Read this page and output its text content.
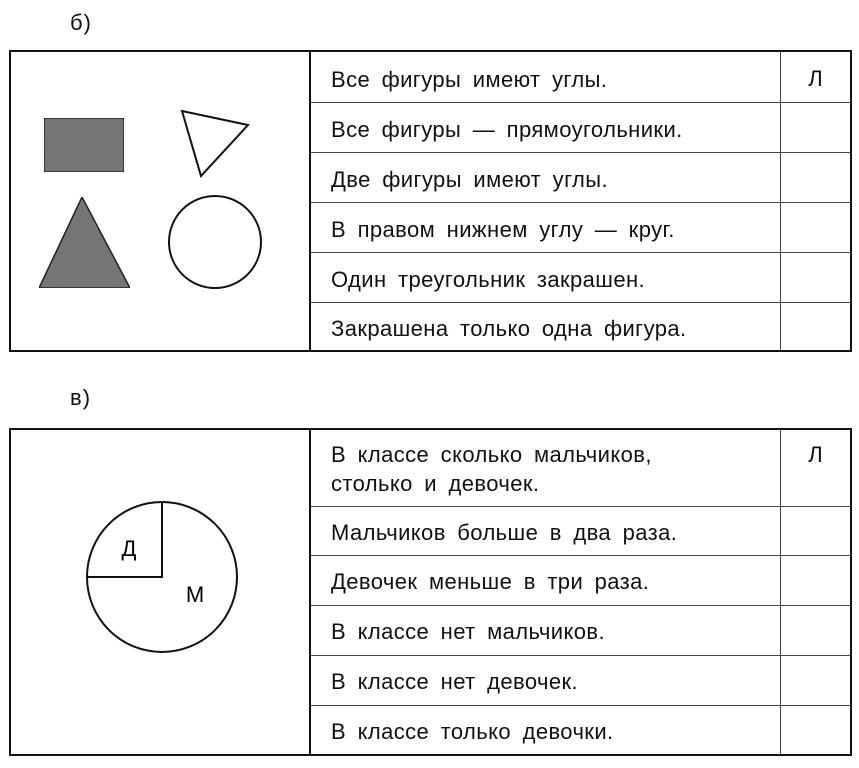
б)
Все фигуры имеют углы.	Л
Все фигуры — прямоугольники.
Две фигуры имеют углы.
В правом нижнем углу — круг.
Один треугольник закрашен.
Закрашена только одна фигура.
в)
Д
М
В классе сколько мальчиков,
столько и девочек.
Л
Мальчиков больше в два раза.
Девочек меньше в три раза.
В классе нет мальчиков.
В классе нет девочек.
В классе только девочки.
